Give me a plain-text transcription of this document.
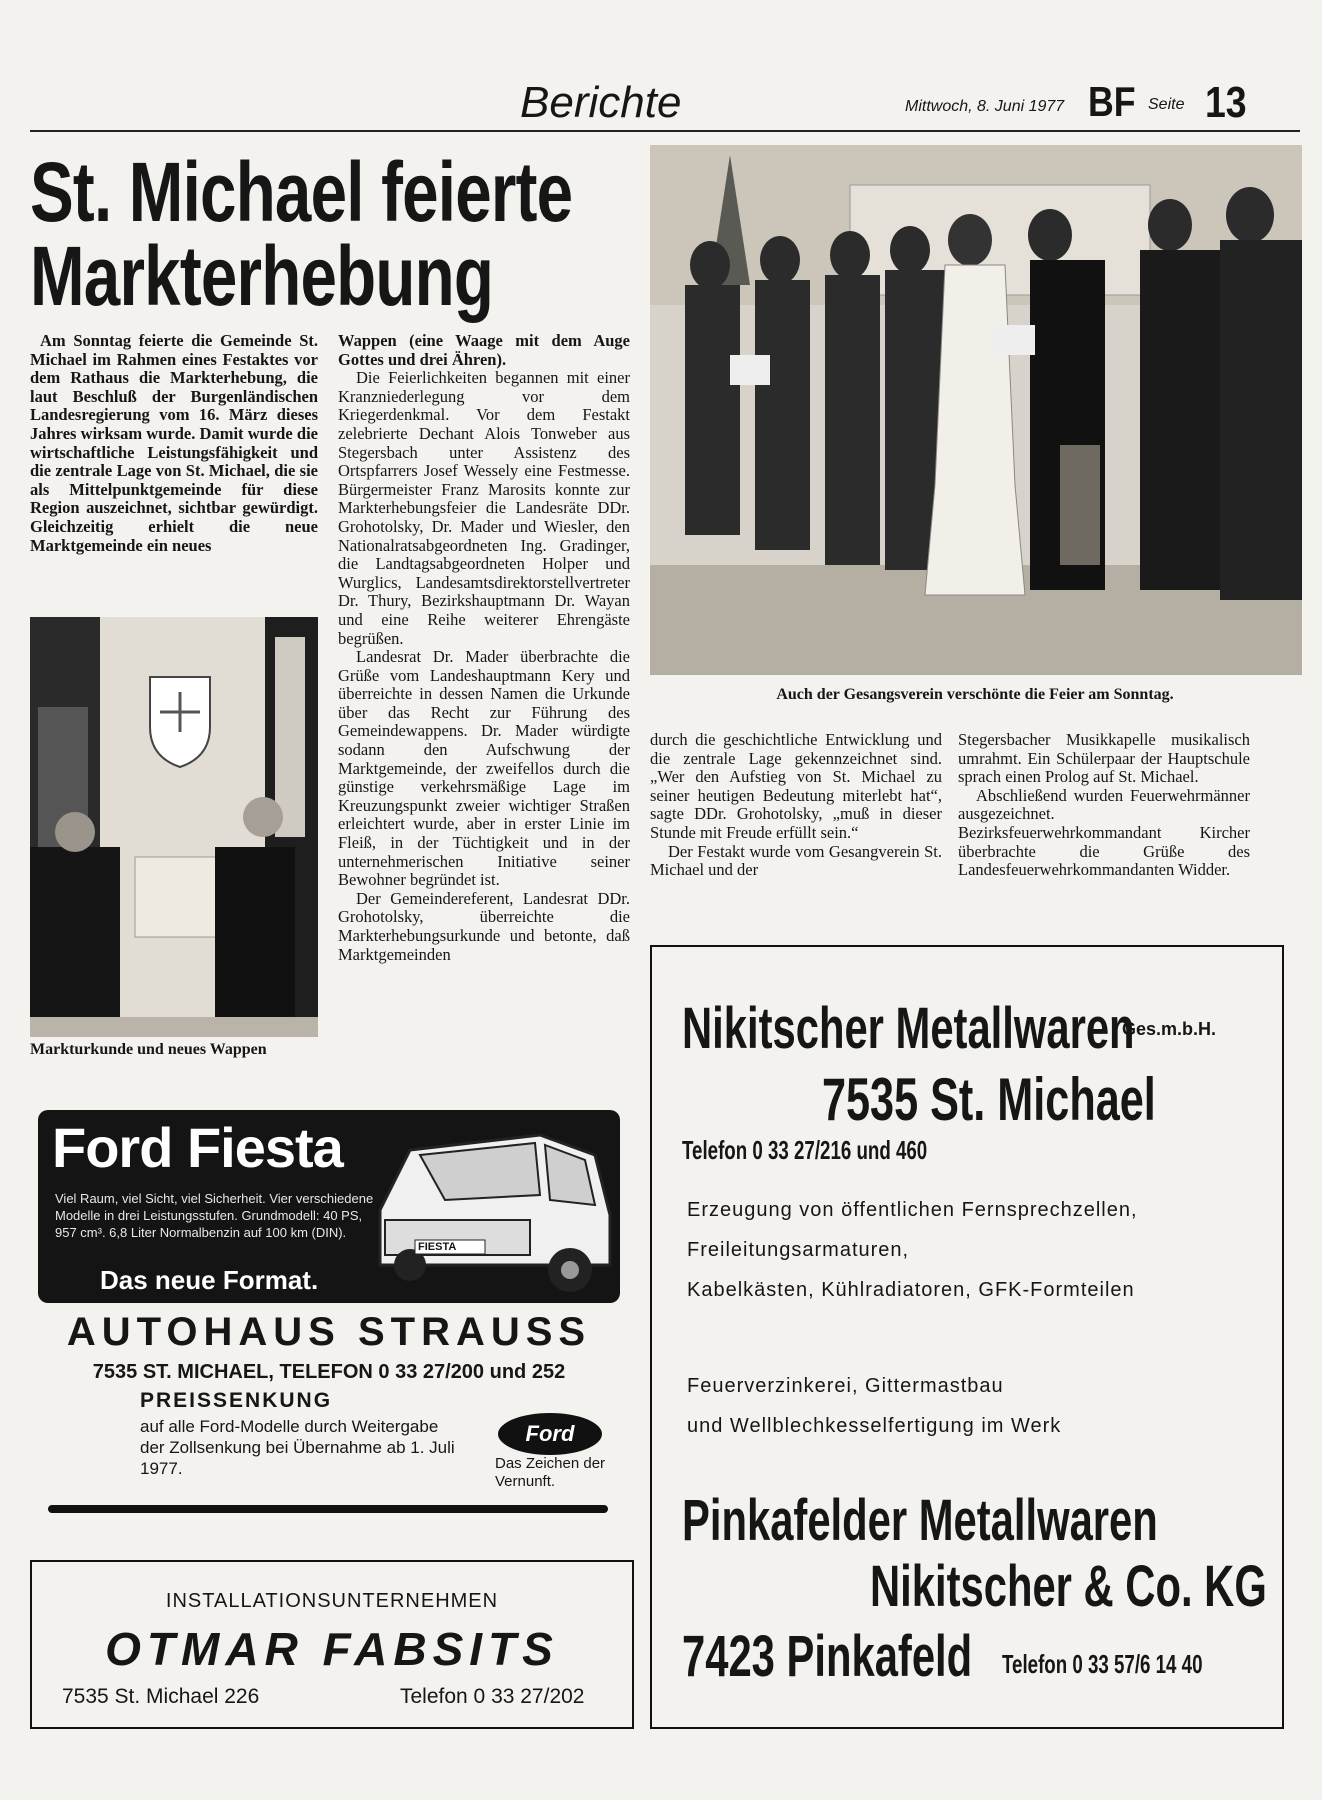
Berichte	Mittwoch, 8. Juni 1977 BF Seite 13
St. Michael feierte
Markterhebung

Am Sonntag feierte die Gemeinde St. Michael im Rahmen eines Festaktes vor dem Rathaus die Markterhebung, die laut Beschluß der Burgenländischen Landesregierung vom 16. März dieses Jahres wirksam wurde. Damit wurde die wirtschaftliche Leistungsfähigkeit und die zentrale Lage von St. Michael, die sie als Mittelpunktgemeinde für diese Region auszeichnet, sichtbar gewürdigt. Gleichzeitig erhielt die neue Marktgemeinde ein neues

Markturkunde und neues Wappen

Wappen (eine Waage mit dem Auge Gottes und drei Ähren).

Die Feierlichkeiten begannen mit einer Kranzniederlegung vor dem Kriegerdenkmal. Vor dem Festakt zelebrierte Dechant Alois Tonweber aus Stegersbach unter Assistenz des Ortspfarrers Josef Wessely eine Festmesse. Bürgermeister Franz Marosits konnte zur Markterhebungsfeier die Landesräte DDr. Grohotolsky, Dr. Mader und Wiesler, den Nationalratsabgeordneten Ing. Gradinger, die Landtagsabgeordneten Holper und Wurglics, Landesamtsdirektorstellvertreter Dr. Thury, Bezirkshauptmann Dr. Wayan und eine Reihe weiterer Ehrengäste begrüßen.

Landesrat Dr. Mader überbrachte die Grüße vom Landeshauptmann Kery und überreichte in dessen Namen die Urkunde über das Recht zur Führung des Gemeindewappens. Dr. Mader würdigte sodann den Aufschwung der Marktgemeinde, der zweifellos durch die günstige verkehrsmäßige Lage im Kreuzungspunkt zweier wichtiger Straßen erleichtert wurde, aber in erster Linie im Fleiß, in der Tüchtigkeit und in der unternehmerischen Initiative seiner Bewohner begründet ist.

Der Gemeindereferent, Landesrat DDr. Grohotolsky, überreichte die Markterhebungsurkunde und betonte, daß Marktgemeinden

Auch der Gesangsverein verschönte die Feier am Sonntag.

durch die geschichtliche Entwicklung und die zentrale Lage gekennzeichnet sind. „Wer den Aufstieg von St. Michael zu seiner heutigen Bedeutung miterlebt hat“, sagte DDr. Grohotolsky, „muß in dieser Stunde mit Freude erfüllt sein.“

Der Festakt wurde vom Gesangverein St. Michael und der

Stegersbacher Musikkapelle musikalisch umrahmt. Ein Schülerpaar der Hauptschule sprach einen Prolog auf St. Michael.

Abschließend wurden Feuerwehrmänner ausgezeichnet. Bezirksfeuerwehrkommandant Kircher überbrachte die Grüße des Landesfeuerwehrkommandanten Widder.

Ford Fiesta
Viel Raum, viel Sicht, viel Sicherheit. Vier verschiedene Modelle in drei Leistungsstufen. Grundmodell: 40 PS, 957 cm³. 6,8 Liter Normalbenzin auf 100 km (DIN).
Das neue Format.
FIESTA
AUTOHAUS STRAUSS
7535 ST. MICHAEL, TELEFON 0 33 27/200 und 252
PREISSENKUNG
auf alle Ford-Modelle durch Weitergabe der Zollsenkung bei Übernahme ab 1. Juli 1977.
Ford
Das Zeichen der
Vernunft.
INSTALLATIONSUNTERNEHMEN
OTMAR FABSITS
7535 St. Michael 226	Telefon 0 33 27/202
Nikitscher Metallwaren
Ges.m.b.H.
7535 St. Michael
Telefon 0 33 27/216 und 460
Erzeugung von öffentlichen Fernsprechzellen,
Freileitungsarmaturen,
Kabelkästen, Kühlradiatoren, GFK-Formteilen
Feuerverzinkerei, Gittermastbau
und Wellblechkesselfertigung im Werk
Pinkafelder Metallwaren
Nikitscher & Co. KG
7423 Pinkafeld Telefon 0 33 57/6 14 40
